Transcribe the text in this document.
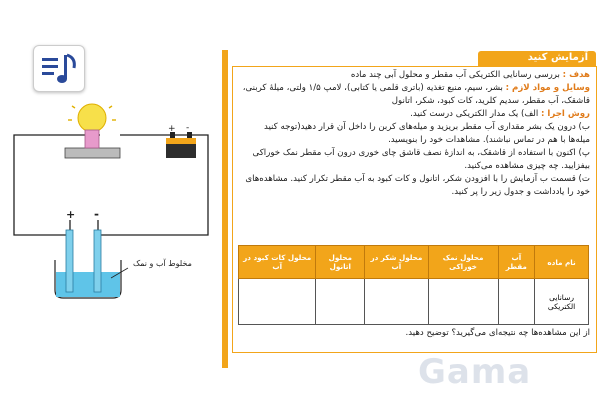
+ -
+ -
مخلوط آب و نمک
آزمایش کنید
هدف : بررسی رسانایی الکتریکی آب مقطر و محلول آبی چند ماده
وسایل و مواد لازم : بشر، سیم، منبع تغذیه (باتری قلمی یا کتابی)، لامپ ۱/۵ ولتی، میلهٔ کربنی،
قاشقک، آب مقطر، سدیم کلرید، کات کبود، شکر، اتانول
روش اجرا : الف) یک مدار الکتریکی درست کنید.
ب) درون یک بشر مقداری آب مقطر بریزید و میله‌های کربن را داخل آن قرار دهید(توجه کنید
میله‌ها با هم در تماس نباشند). مشاهدات خود را بنویسید.
پ) اکنون با استفاده از قاشقک، به اندازهٔ نصف قاشق چای خوری درون آب مقطر نمک خوراکی
بیفزایید. چه چیزی مشاهده می‌کنید.
ت) قسمت ب آزمایش را با افزودن شکر، اتانول و کات کبود به آب مقطر تکرار کنید. مشاهده‌های
خود را یادداشت و جدول زیر را پر کنید.
نام ماده	آب مقطر	محلول نمک خوراکی	محلول شکر در آب	محلول اتانول	محلول کات کبود در آب
رسانایی الکتریکی					
از این مشاهده‌ها چه نتیجه‌ای می‌گیرید؟ توضیح دهید.
Gama
